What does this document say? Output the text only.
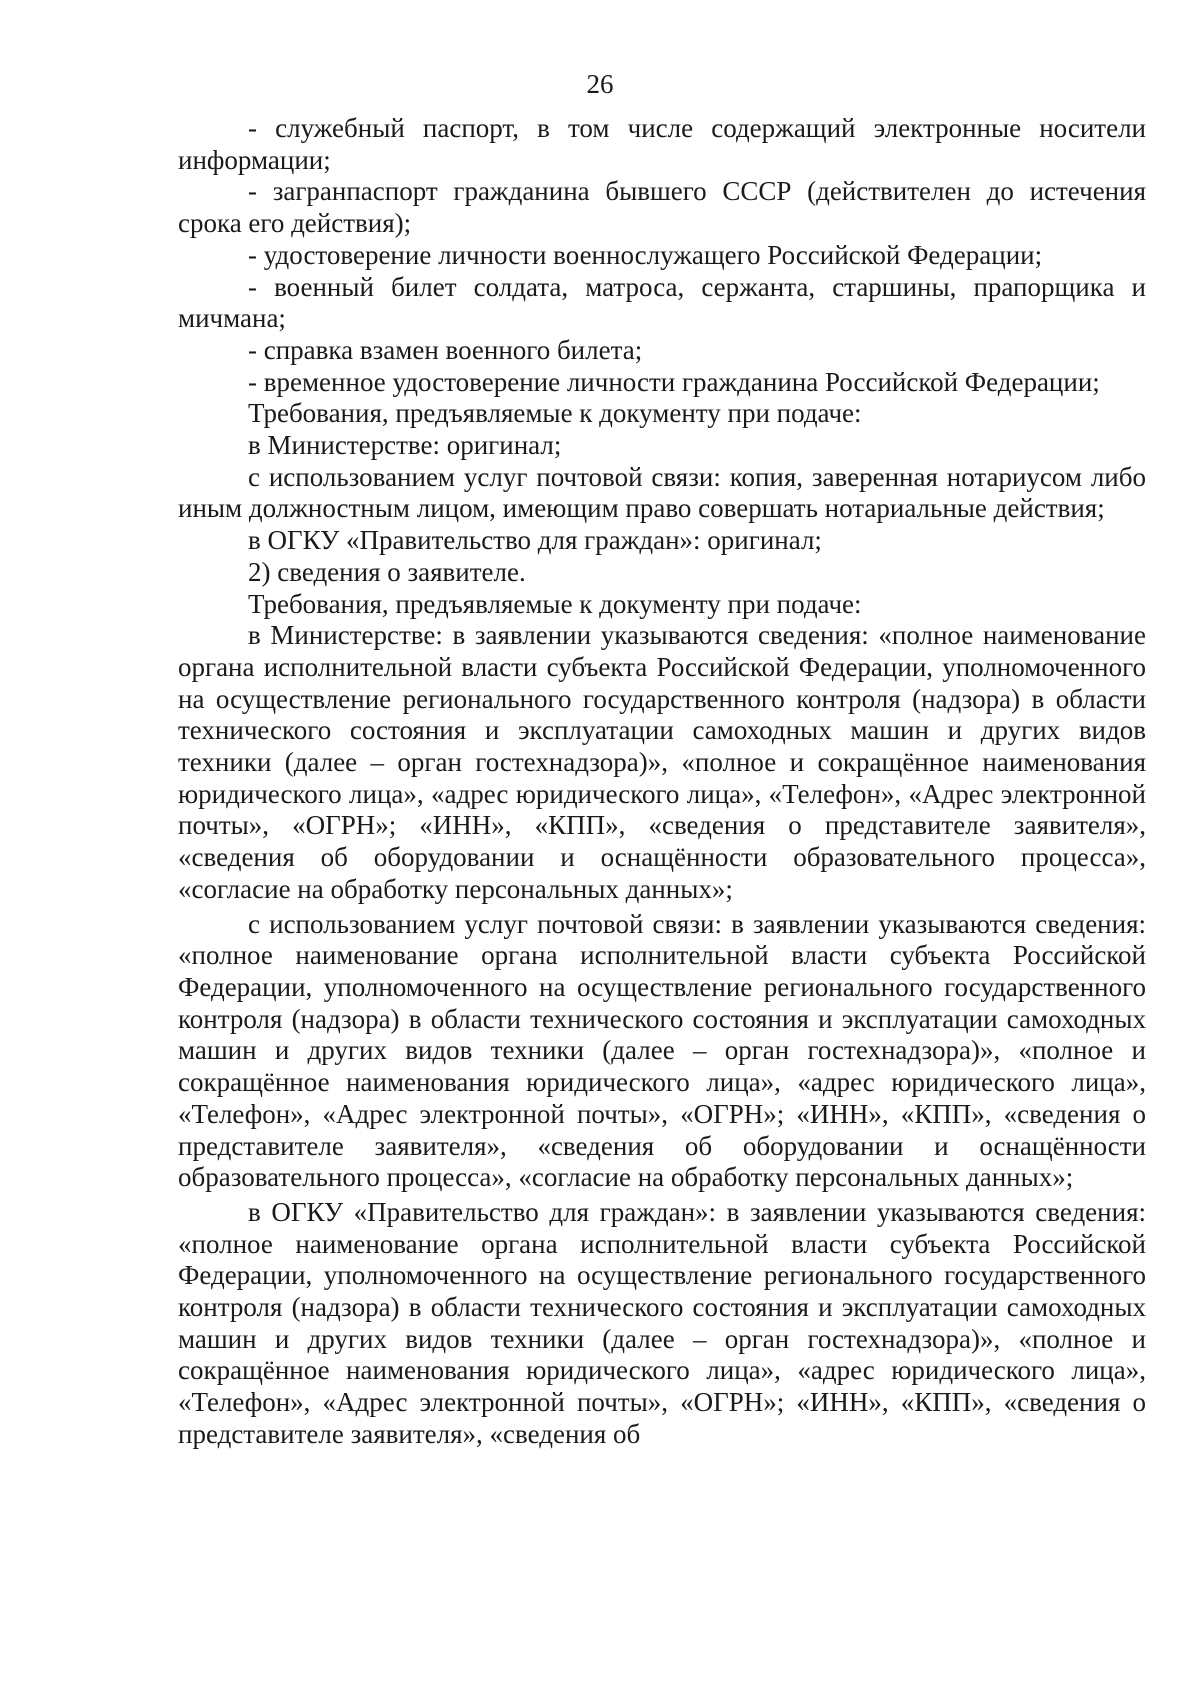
26

- служебный паспорт, в том числе содержащий электронные носители информации;

- загранпаспорт гражданина бывшего СССР (действителен до истечения срока его действия);

- удостоверение личности военнослужащего Российской Федерации;

- военный билет солдата, матроса, сержанта, старшины, прапорщика и мичмана;

- справка взамен военного билета;

- временное удостоверение личности гражданина Российской Федерации;

Требования, предъявляемые к документу при подаче:

в Министерстве: оригинал;

с использованием услуг почтовой связи: копия, заверенная нотариусом либо иным должностным лицом, имеющим право совершать нотариальные действия;

в ОГКУ «Правительство для граждан»: оригинал;

2) сведения о заявителе.

Требования, предъявляемые к документу при подаче:

в Министерстве: в заявлении указываются сведения: «полное наименование органа исполнительной власти субъекта Российской Федерации, уполномоченного на осуществление регионального государственного контроля (надзора) в области технического состояния и эксплуатации самоходных машин и других видов техники (далее – орган гостехнадзора)», «полное и сокращённое наименования юридического лица», «адрес юридического лица», «Телефон», «Адрес электронной почты», «ОГРН»; «ИНН», «КПП», «сведения о представителе заявителя», «сведения об оборудовании и оснащённости образовательного процесса», «согласие на обработку персональных данных»;

с использованием услуг почтовой связи: в заявлении указываются сведения: «полное наименование органа исполнительной власти субъекта Российской Федерации, уполномоченного на осуществление регионального государственного контроля (надзора) в области технического состояния и эксплуатации самоходных машин и других видов техники (далее – орган гостехнадзора)», «полное и сокращённое наименования юридического лица», «адрес юридического лица», «Телефон», «Адрес электронной почты», «ОГРН»; «ИНН», «КПП», «сведения о представителе заявителя», «сведения об оборудовании и оснащённости образовательного процесса», «согласие на обработку персональных данных»;

в ОГКУ «Правительство для граждан»: в заявлении указываются сведения: «полное наименование органа исполнительной власти субъекта Российской Федерации, уполномоченного на осуществление регионального государственного контроля (надзора) в области технического состояния и эксплуатации самоходных машин и других видов техники (далее – орган гостехнадзора)», «полное и сокращённое наименования юридического лица», «адрес юридического лица», «Телефон», «Адрес электронной почты», «ОГРН»; «ИНН», «КПП», «сведения о представителе заявителя», «сведения об
